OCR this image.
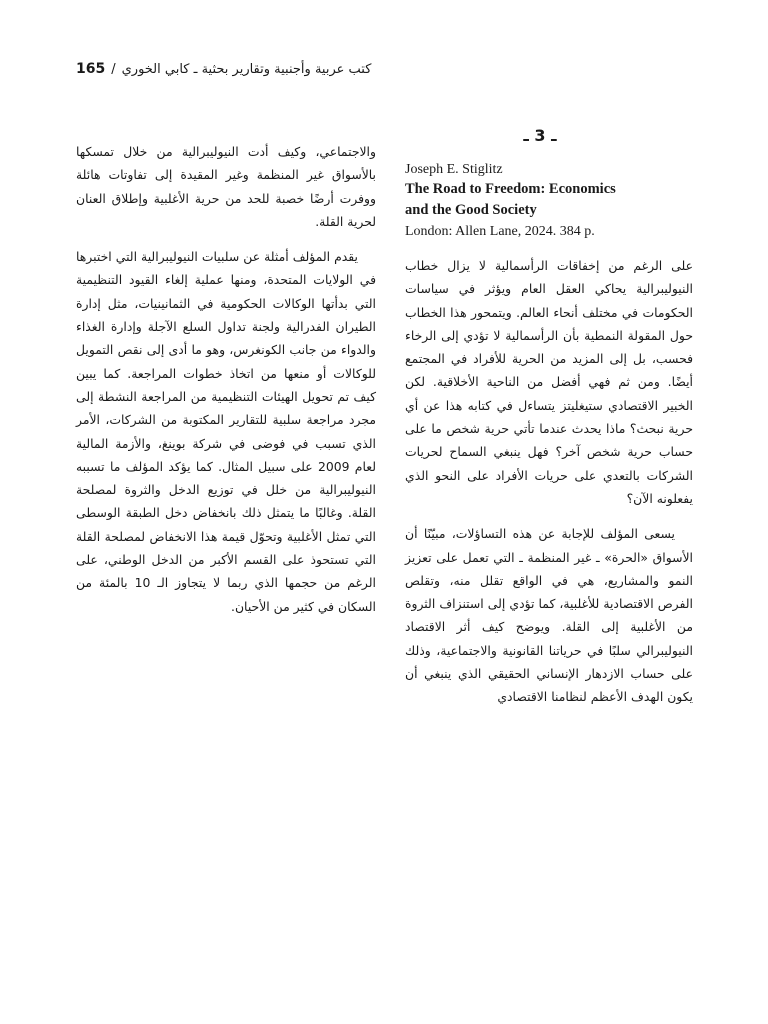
165 / كتب عربية وأجنبية وتقارير بحثية ـ كابي الخوري
ـ 3 ـ
Joseph E. Stiglitz
The Road to Freedom: Economics
and the Good Society
London: Allen Lane, 2024. 384 p.

على الرغم من إخفاقات الرأسمالية لا يزال خطاب النيوليبرالية يحاكي العقل العام ويؤثر في سياسات الحكومات في مختلف أنحاء العالم. ويتمحور هذا الخطاب حول المقولة النمطية بأن الرأسمالية لا تؤدي إلى الرخاء فحسب، بل إلى المزيد من الحرية للأفراد في المجتمع أيضًا. ومن ثم فهي أفضل من الناحية الأخلاقية. لكن الخبير الاقتصادي ستيغليتز يتساءل في كتابه هذا عن أي حرية نبحث؟ ماذا يحدث عندما تأتي حرية شخص ما على حساب حرية شخص آخر؟ فهل ينبغي السماح لحريات الشركات بالتعدي على حريات الأفراد على النحو الذي يفعلونه الآن؟

يسعى المؤلف للإجابة عن هذه التساؤلات، مبيّنًا أن الأسواق «الحرة» ـ غير المنظمة ـ التي تعمل على تعزيز النمو والمشاريع، هي في الواقع تقلل منه، وتقلص الفرص الاقتصادية للأغلبية، كما تؤدي إلى استنزاف الثروة من الأغلبية إلى القلة. ويوضح كيف أثر الاقتصاد النيوليبرالي سلبًا في حرياتنا القانونية والاجتماعية، وذلك على حساب الازدهار الإنساني الحقيقي الذي ينبغي أن يكون الهدف الأعظم لنظامنا الاقتصادي

والاجتماعي، وكيف أدت النيوليبرالية من خلال تمسكها بالأسواق غير المنظمة وغير المقيدة إلى تفاوتات هائلة ووفرت أرضًا خصبة للحد من حرية الأغلبية وإطلاق العنان لحرية القلة.

يقدم المؤلف أمثلة عن سلبيات النيوليبرالية التي اختبرها في الولايات المتحدة، ومنها عملية إلغاء القيود التنظيمية التي بدأتها الوكالات الحكومية في الثمانينيات، مثل إدارة الطيران الفدرالية ولجنة تداول السلع الآجلة وإدارة الغذاء والدواء من جانب الكونغرس، وهو ما أدى إلى نقص التمويل للوكالات أو منعها من اتخاذ خطوات المراجعة. كما يبين كيف تم تحويل الهيئات التنظيمية من المراجعة النشطة إلى مجرد مراجعة سلبية للتقارير المكتوبة من الشركات، الأمر الذي تسبب في فوضى في شركة بوينغ، والأزمة المالية لعام 2009 على سبيل المثال. كما يؤكد المؤلف ما تسببه النيوليبرالية من خلل في توزيع الدخل والثروة لمصلحة القلة. وغالبًا ما يتمثل ذلك بانخفاض دخل الطبقة الوسطى التي تمثل الأغلبية وتحوّل قيمة هذا الانخفاض لمصلحة القلة التي تستحوذ على القسم الأكبر من الدخل الوطني، على الرغم من حجمها الذي ربما لا يتجاوز الـ 10 بالمئة من السكان في كثير من الأحيان.
